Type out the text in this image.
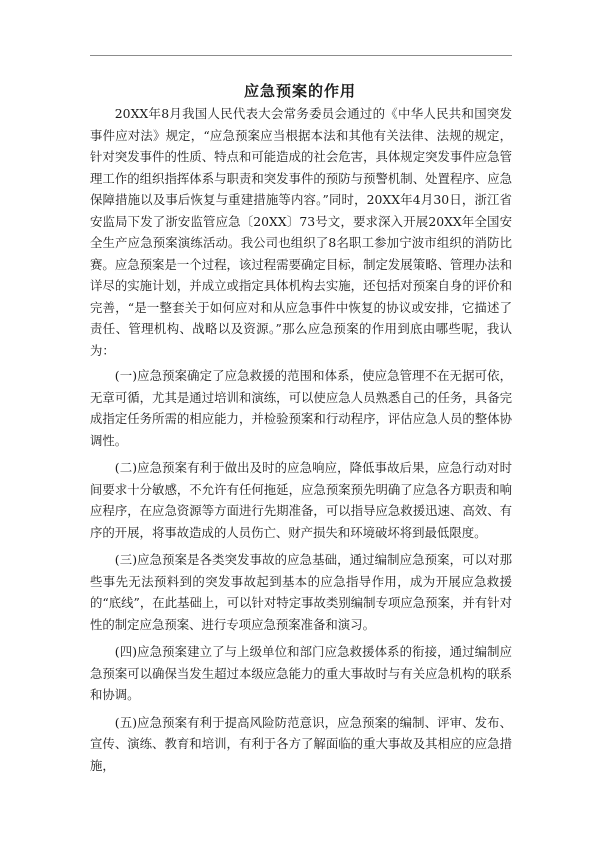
应急预案的作用

20XX年8月我国人民代表大会常务委员会通过的《中华人民共和国突发事件应对法》规定，“应急预案应当根据本法和其他有关法律、法规的规定，针对突发事件的性质、特点和可能造成的社会危害，具体规定突发事件应急管理工作的组织指挥体系与职责和突发事件的预防与预警机制、处置程序、应急保障措施以及事后恢复与重建措施等内容。”同时，20XX年4月30日，浙江省安监局下发了浙安监管应急〔20XX〕73号文，要求深入开展20XX年全国安全生产应急预案演练活动。我公司也组织了8名职工参加宁波市组织的消防比赛。应急预案是一个过程，该过程需要确定目标，制定发展策略、管理办法和详尽的实施计划，并成立或指定具体机构去实施，还包括对预案自身的评价和完善，“是一整套关于如何应对和从应急事件中恢复的协议或安排，它描述了责任、管理机构、战略以及资源。”那么应急预案的作用到底由哪些呢，我认为：

(一)应急预案确定了应急救援的范围和体系，使应急管理不在无据可依，无章可循，尤其是通过培训和演练，可以使应急人员熟悉自己的任务，具备完成指定任务所需的相应能力，并检验预案和行动程序，评估应急人员的整体协调性。

(二)应急预案有利于做出及时的应急响应，降低事故后果，应急行动对时间要求十分敏感，不允许有任何拖延，应急预案预先明确了应急各方职责和响应程序，在应急资源等方面进行先期准备，可以指导应急救援迅速、高效、有序的开展，将事故造成的人员伤亡、财产损失和环境破坏将到最低限度。

(三)应急预案是各类突发事故的应急基础，通过编制应急预案，可以对那些事先无法预料到的突发事故起到基本的应急指导作用，成为开展应急救援的“底线”，在此基础上，可以针对特定事故类别编制专项应急预案，并有针对性的制定应急预案、进行专项应急预案准备和演习。

(四)应急预案建立了与上级单位和部门应急救援体系的衔接，通过编制应急预案可以确保当发生超过本级应急能力的重大事故时与有关应急机构的联系和协调。

(五)应急预案有利于提高风险防范意识，应急预案的编制、评审、发布、宣传、演练、教育和培训，有利于各方了解面临的重大事故及其相应的应急措施，
